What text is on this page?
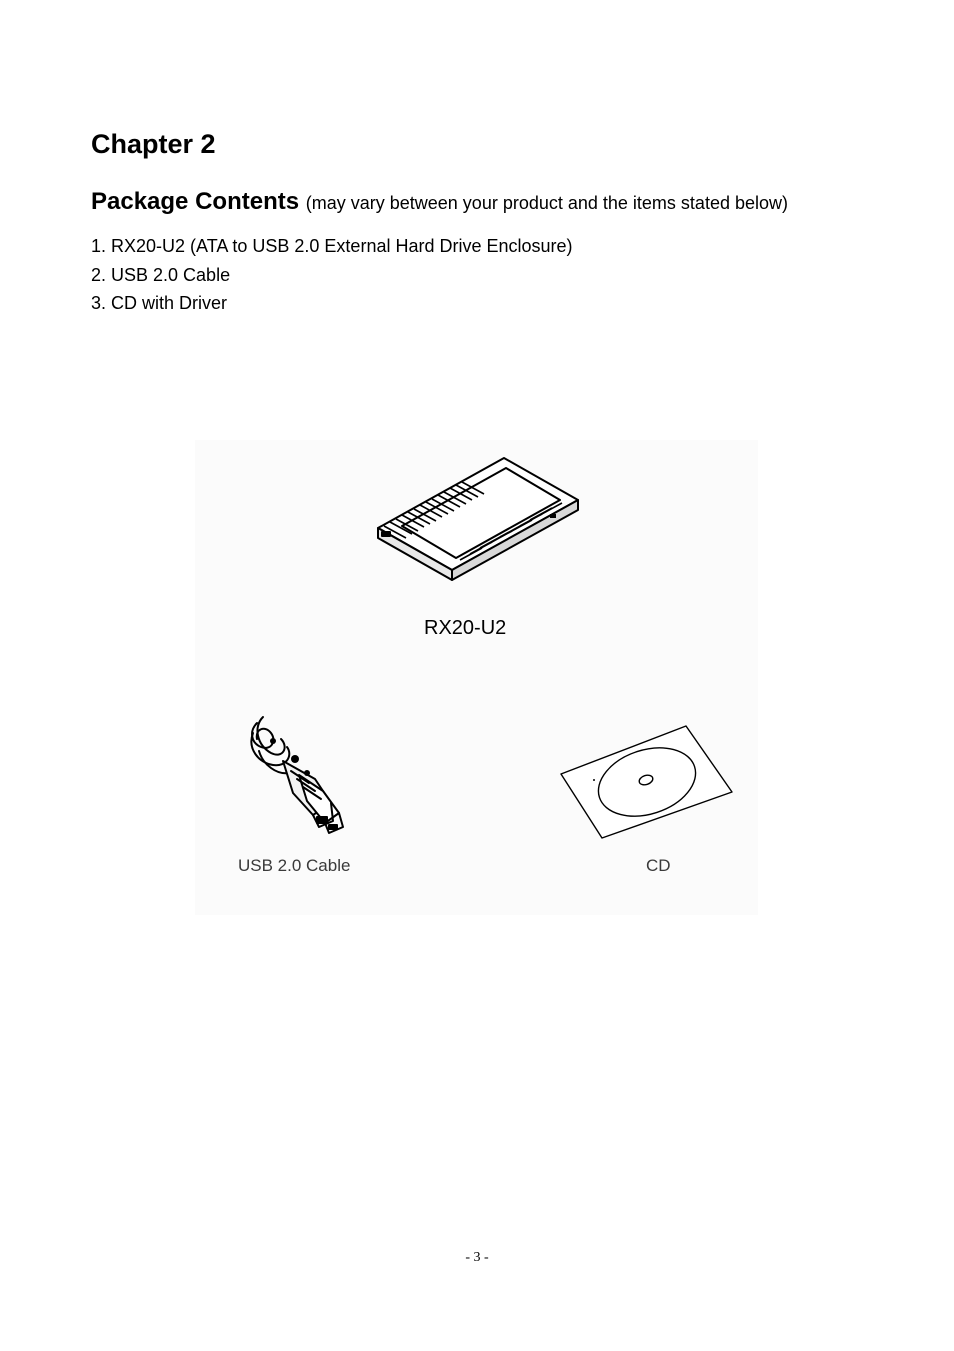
Chapter 2
Package Contents (may vary between your product and the items stated below)
1. RX20-U2 (ATA to USB 2.0 External Hard Drive Enclosure)
2. USB 2.0 Cable
3. CD with Driver
RX20-U2
USB 2.0 Cable	CD
- 3 -
